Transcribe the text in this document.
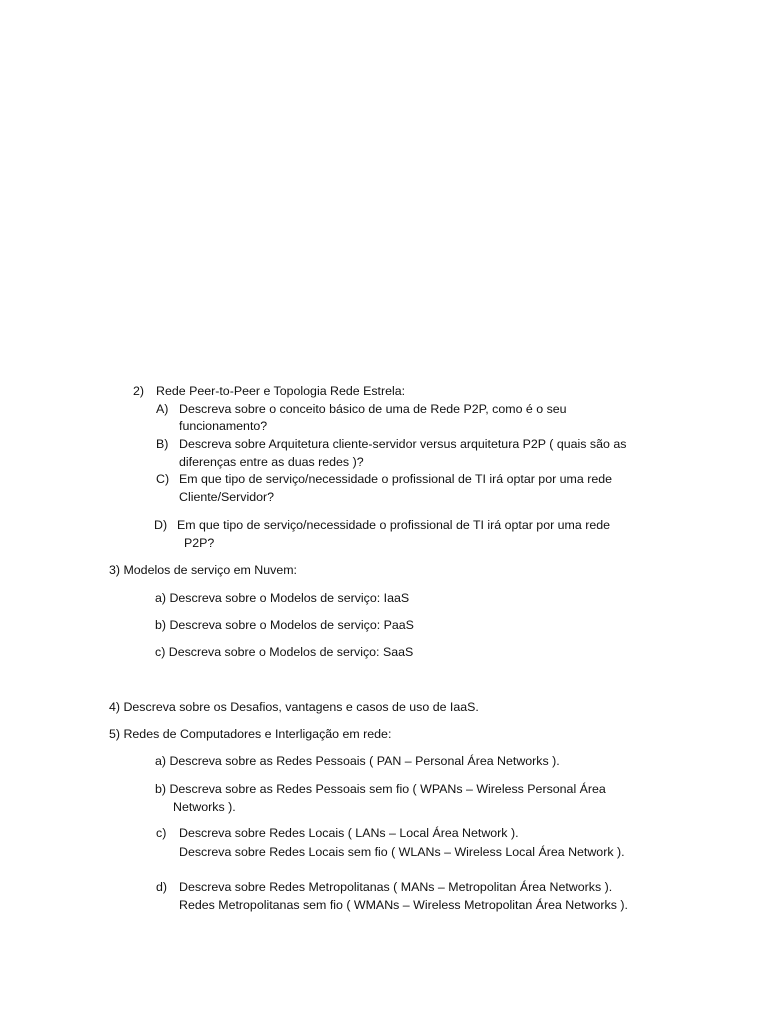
2) Rede Peer-to-Peer e Topologia Rede Estrela:
A) Descreva sobre o conceito básico de uma de Rede P2P, como é o seu
funcionamento?
B) Descreva sobre Arquitetura cliente-servidor versus arquitetura P2P ( quais são as
diferenças entre as duas redes )?
C) Em que tipo de serviço/necessidade o profissional de TI irá optar por uma rede
Cliente/Servidor?
D) Em que tipo de serviço/necessidade o profissional de TI irá optar por uma rede
P2P?
3) Modelos de serviço em Nuvem:
a) Descreva sobre o Modelos de serviço: IaaS
b) Descreva sobre o Modelos de serviço: PaaS
c) Descreva sobre o Modelos de serviço: SaaS
4) Descreva sobre os Desafios, vantagens e casos de uso de IaaS.
5) Redes de Computadores e Interligação em rede:
a) Descreva sobre as Redes Pessoais ( PAN – Personal Área Networks ).
b) Descreva sobre as Redes Pessoais sem fio ( WPANs – Wireless Personal Área
Networks ).
c) Descreva sobre Redes Locais ( LANs – Local Área Network ).
Descreva sobre Redes Locais sem fio ( WLANs – Wireless Local Área Network ).
d) Descreva sobre Redes Metropolitanas ( MANs – Metropolitan Área Networks ).
Redes Metropolitanas sem fio ( WMANs – Wireless Metropolitan Área Networks ).
